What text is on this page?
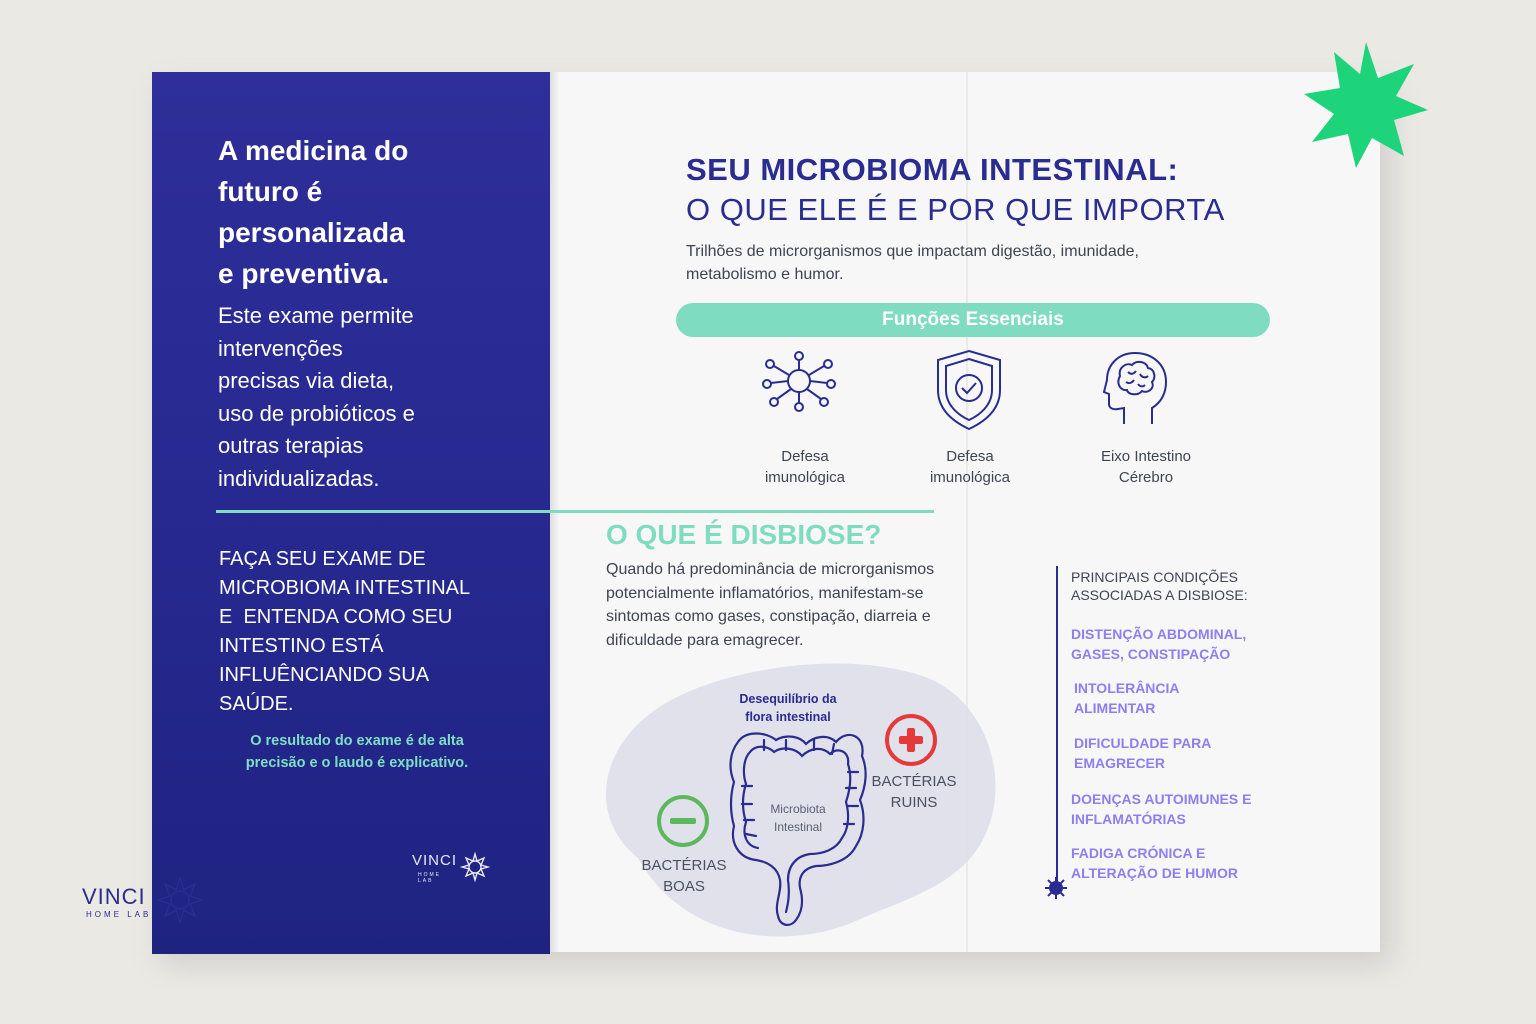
A medicina do
futuro é
personalizada
e preventiva.
Este exame permite
intervenções
precisas via dieta,
uso de probióticos e
outras terapias
individualizadas.
FAÇA SEU EXAME DE
MICROBIOMA INTESTINAL
E  ENTENDA COMO SEU
INTESTINO ESTÁ
INFLUÊNCIANDO SUA
SAÚDE.
O resultado do exame é de alta
precisão e o laudo é explicativo.
VINCI
HOME LAB
SEU MICROBIOMA INTESTINAL:
O QUE ELE É E POR QUE IMPORTA
Trilhões de microrganismos que impactam digestão, imunidade,
metabolismo e humor.
Funções Essenciais
Defesa
imunológica
Defesa
imunológica
Eixo Intestino
Cérebro
O QUE É DISBIOSE?
Quando há predominância de microrganismos
potencialmente inflamatórios, manifestam-se
sintomas como gases, constipação, diarreia e
dificuldade para emagrecer.
Desequilíbrio da
flora intestinal
Microbiota
Intestinal
BACTÉRIAS
RUINS
BACTÉRIAS
BOAS
PRINCIPAIS CONDIÇÕES
ASSOCIADAS A DISBIOSE:
DISTENÇÃO ABDOMINAL,
GASES, CONSTIPAÇÃO
INTOLERÂNCIA
ALIMENTAR
DIFICULDADE PARA
EMAGRECER
DOENÇAS AUTOIMUNES E
INFLAMATÓRIAS
FADIGA CRÓNICA E
ALTERAÇÃO DE HUMOR
VINCI
HOME LAB
